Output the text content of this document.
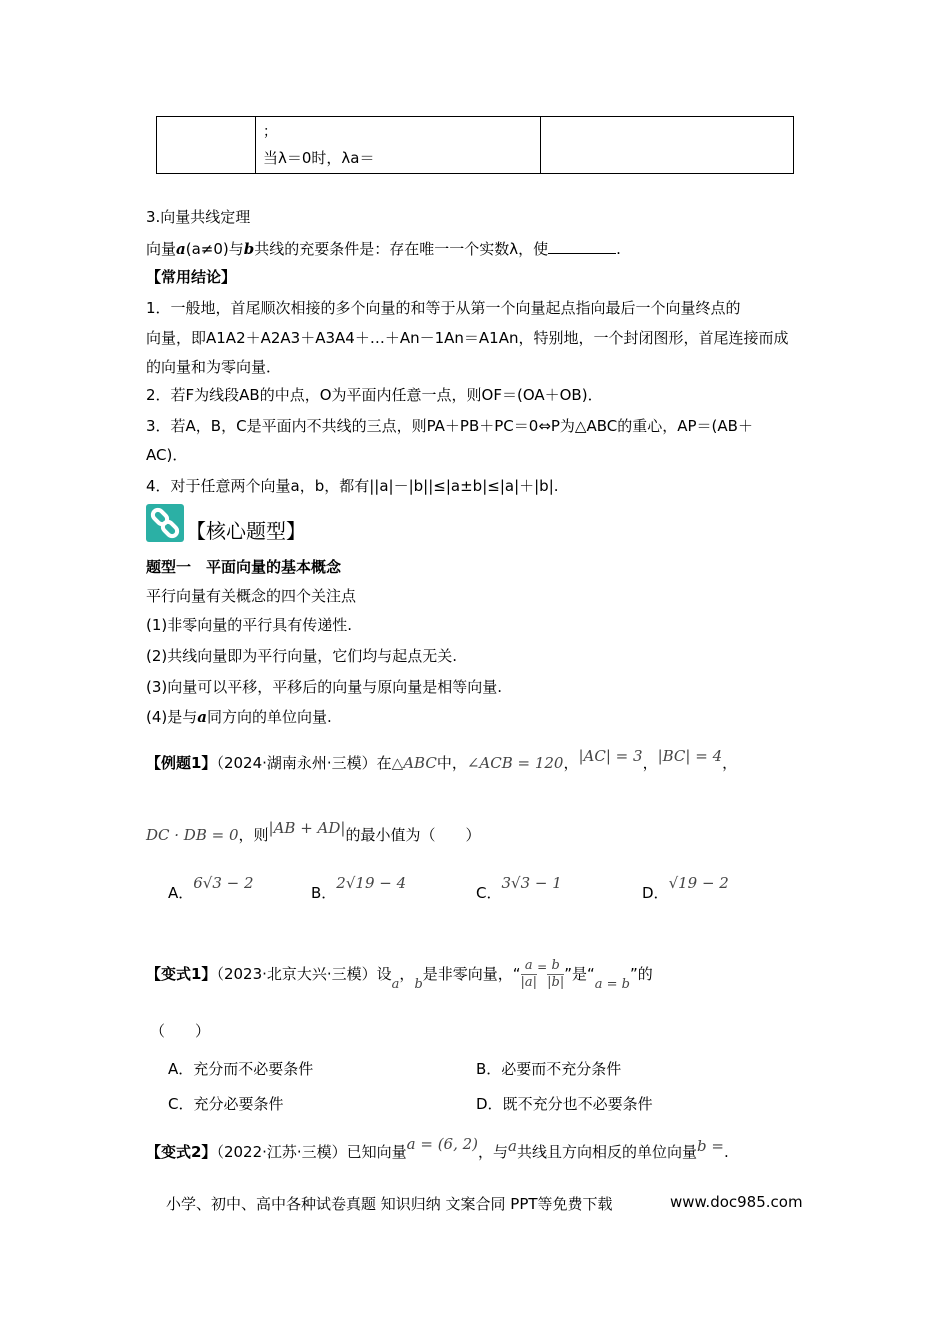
；
当λ＝0时，λa＝
3.向量共线定理
向量a(a≠0)与b共线的充要条件是：存在唯一一个实数λ，使	.
【常用结论】
1．一般地，首尾顺次相接的多个向量的和等于从第一个向量起点指向最后一个向量终点的
向量，即A1A2＋A2A3＋A3A4＋…＋An－1An＝A1An，特别地，一个封闭图形，首尾连接而成
的向量和为零向量．
2．若F为线段AB的中点，O为平面内任意一点，则OF＝(OA＋OB)．
3．若A，B，C是平面内不共线的三点，则PA＋PB＋PC＝0⇔P为△ABC的重心，AP＝(AB＋
AC)．
4．对于任意两个向量a，b，都有||a|－|b||≤|a±b|≤|a|＋|b|.
【核心题型】
题型一　平面向量的基本概念
平行向量有关概念的四个关注点
(1)非零向量的平行具有传递性.
(2)共线向量即为平行向量，它们均与起点无关.
(3)向量可以平移，平移后的向量与原向量是相等向量.
(4)是与a同方向的单位向量.
【例题1】（2024·湖南永州·三模）在△ABC中，∠ACB = 120，|AC| = 3，|BC| = 4，
DC · DB = 0，则|AB + AD|的最小值为（　　）
A．6√3 − 2
B．2√19 − 4
C．3√3 − 1
D．√19 − 2
【变式1】（2023·北京大兴·三模）设a，b是非零向量，“ $\frac{a}{|a|} ^= \frac{b}{|b|}$ ”是“a = b”的
（　　）
A．充分而不必要条件	B．必要而不充分条件
C．充分必要条件	D．既不充分也不必要条件
【变式2】（2022·江苏·三模）已知向量a = (6, 2)，与a共线且方向相反的单位向量b =.
小学、初中、高中各种试卷真题 知识归纳 文案合同 PPT等免费下载	www.doc985.com
